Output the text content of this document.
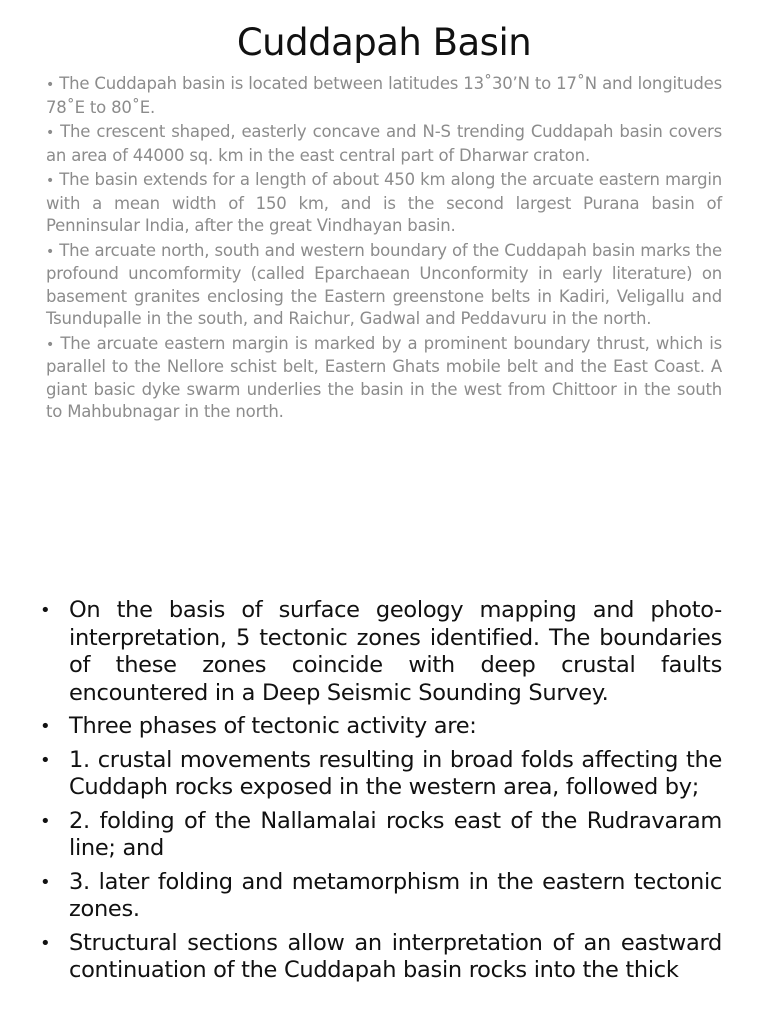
Cuddapah Basin
• The Cuddapah basin is located between latitudes 13˚30’N to 17˚N and longitudes 78˚E to 80˚E.
• The crescent shaped, easterly concave and N-S trending Cuddapah basin covers an area of 44000 sq. km in the east central part of Dharwar craton.
• The basin extends for a length of about 450 km along the arcuate eastern margin with a mean width of 150 km, and is the second largest Purana basin of Penninsular India, after the great Vindhayan basin.
• The arcuate north, south and western boundary of the Cuddapah basin marks the profound uncomformity (called Eparchaean Unconformity in early literature) on basement granites enclosing the Eastern greenstone belts in Kadiri, Veligallu and Tsundupalle in the south, and Raichur, Gadwal and Peddavuru in the north.
• The arcuate eastern margin is marked by a prominent boundary thrust, which is parallel to the Nellore schist belt, Eastern Ghats mobile belt and the East Coast. A giant basic dyke swarm underlies the basin in the west from Chittoor in the south to Mahbubnagar in the north.
• On the basis of surface geology mapping and photo-interpretation, 5 tectonic zones identified. The boundaries of these zones coincide with deep crustal faults encountered in a Deep Seismic Sounding Survey.
• Three phases of tectonic activity are:
• 1. crustal movements resulting in broad folds affecting the Cuddaph rocks exposed in the western area, followed by;
• 2. folding of the Nallamalai rocks east of the Rudravaram line; and
• 3. later folding and metamorphism in the eastern tectonic zones.
• Structural sections allow an interpretation of an eastward continuation of the Cuddapah basin rocks into the thick
